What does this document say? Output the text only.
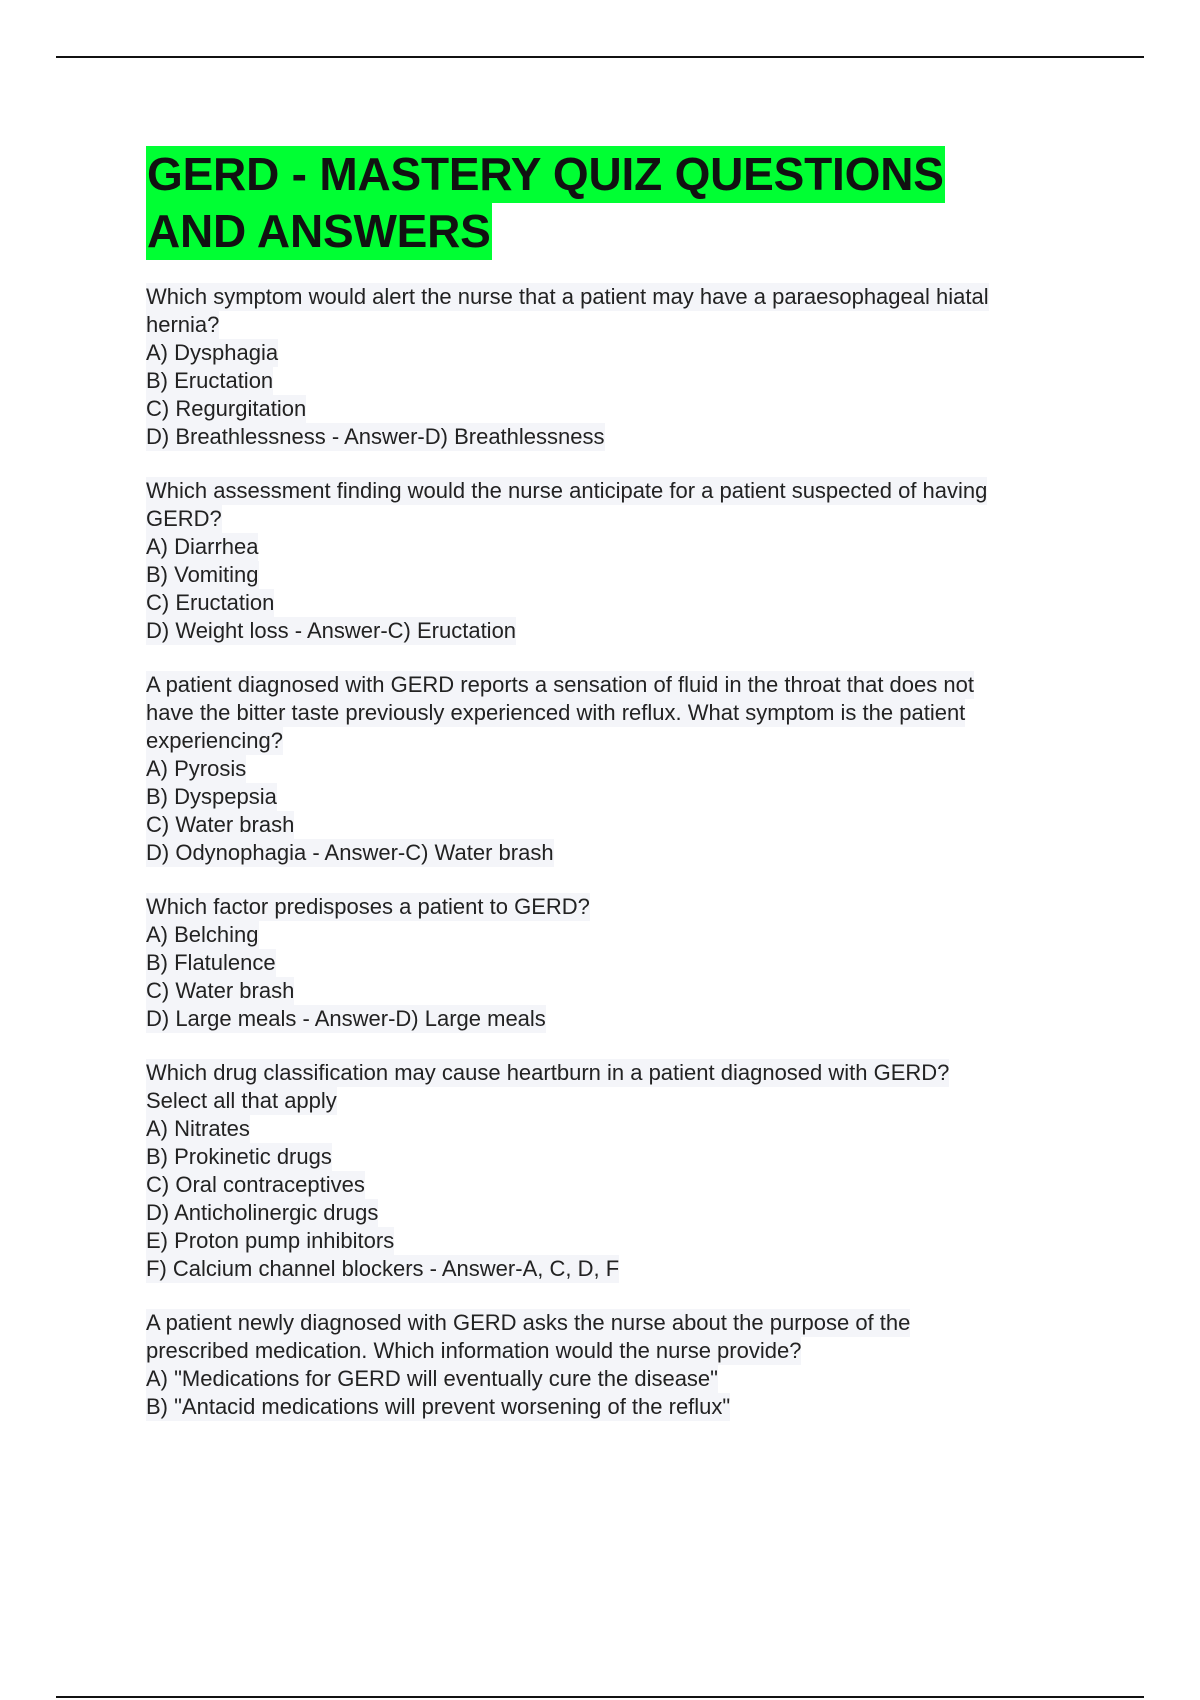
GERD - MASTERY QUIZ QUESTIONS
AND ANSWERS
Which symptom would alert the nurse that a patient may have a paraesophageal hiatal
hernia?
A) Dysphagia
B) Eructation
C) Regurgitation
D) Breathlessness - Answer-D) Breathlessness
Which assessment finding would the nurse anticipate for a patient suspected of having
GERD?
A) Diarrhea
B) Vomiting
C) Eructation
D) Weight loss - Answer-C) Eructation
A patient diagnosed with GERD reports a sensation of fluid in the throat that does not
have the bitter taste previously experienced with reflux. What symptom is the patient
experiencing?
A) Pyrosis
B) Dyspepsia
C) Water brash
D) Odynophagia - Answer-C) Water brash
Which factor predisposes a patient to GERD?
A) Belching
B) Flatulence
C) Water brash
D) Large meals - Answer-D) Large meals
Which drug classification may cause heartburn in a patient diagnosed with GERD?
Select all that apply
A) Nitrates
B) Prokinetic drugs
C) Oral contraceptives
D) Anticholinergic drugs
E) Proton pump inhibitors
F) Calcium channel blockers - Answer-A, C, D, F
A patient newly diagnosed with GERD asks the nurse about the purpose of the
prescribed medication. Which information would the nurse provide?
A) "Medications for GERD will eventually cure the disease"
B) "Antacid medications will prevent worsening of the reflux"
